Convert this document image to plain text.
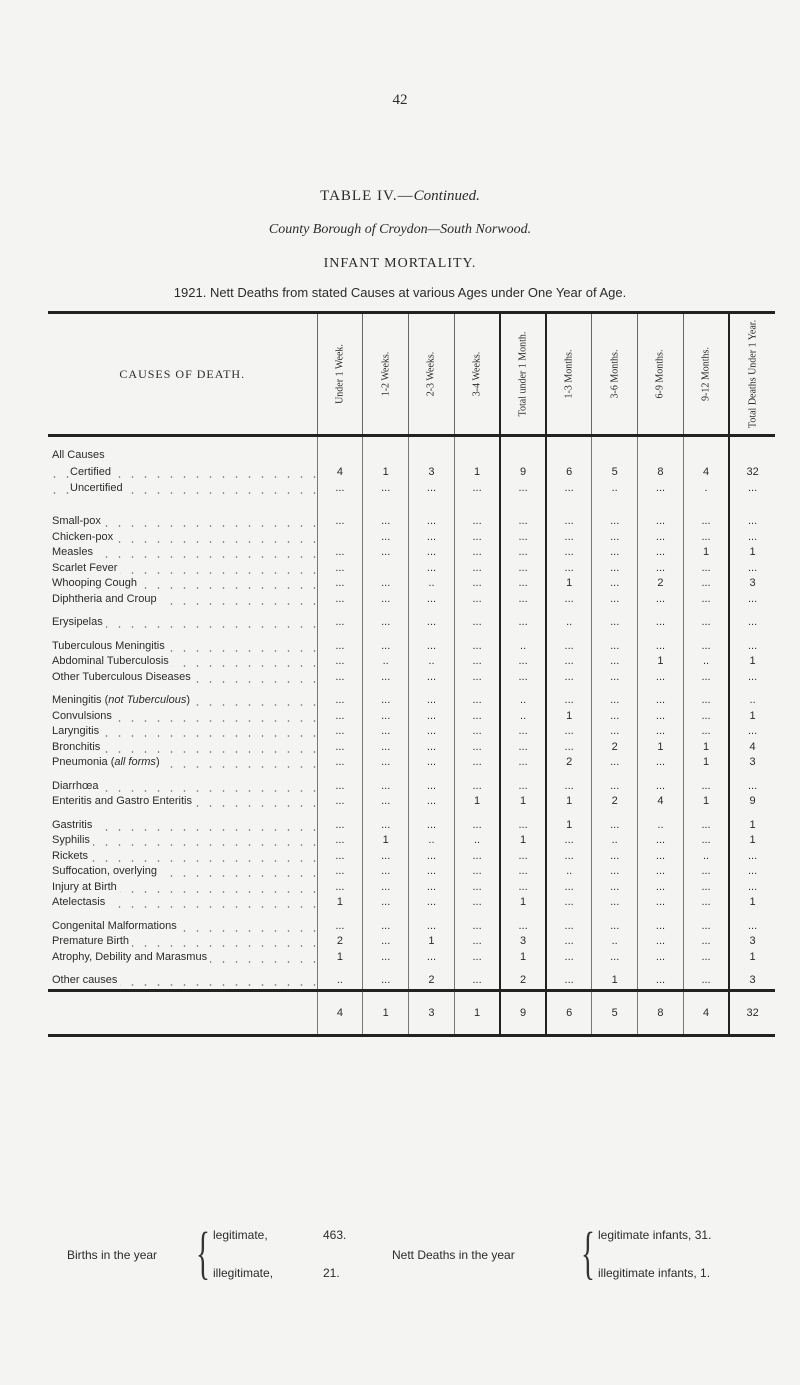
42
TABLE IV.—Continued.
County Borough of Croydon—South Norwood.
INFANT MORTALITY.
1921. Nett Deaths from stated Causes at various Ages under One Year of Age.
CAUSES OF DEATH.	Under 1 Week.	1-2 Weeks.	2-3 Weeks.	3-4 Weeks.	Total under 1 Month.	1-3 Months.	3-6 Months.	6-9 Months.	9-12 Months.	Total Deaths Under 1 Year.

All Causes										
Certified	4	1	3	1	9	6	5	8	4	32
Uncertified	...	...	...	...	...	...	..	...	.	...

Small-pox	...	...	...	...	...	...	...	...	...	...
Chicken-pox		...	...	...	...	...	...	...	...	...
Measles	...	...	...	...	...	...	...	...	1	1
Scarlet Fever	...		...	...	...	...	...	...	...	...
Whooping Cough	...	...	..	...	...	1	...	2	...	3
Diphtheria and Croup	...	...	...	...	...	...	...	...	...	...

Erysipelas	...	...	...	...	...	..	...	...	...	...

Tuberculous Meningitis	...	...	...	...	..	...	...	...	...	...
Abdominal Tuberculosis	...	..	..	...	...	...	...	1	..	1
Other Tuberculous Diseases	...	...	...	...	...	...	...	...	...	...

Meningitis (not Tuberculous)	...	...	...	...	..	...	...	...	...	..
Convulsions	...	...	...	...	..	1	...	...	...	1
Laryngitis	...	...	...	...	...	...	...	...	...	...
Bronchitis	...	...	...	...	...	...	2	1	1	4
Pneumonia (all forms)	...	...	...	...	...	2	...	...	1	3

Diarrhœa	...	...	...	...	...	...	...	...	...	...
Enteritis and Gastro Enteritis	...	...	...	1	1	1	2	4	1	9

Gastritis	...	...	...	...	...	1	...	..	...	1
Syphilis	...	1	..	..	1	...	..	...	...	1
Rickets	...	...	...	...	...	...	...	...	..	...
Suffocation, overlying	...	...	...	...	...	..	...	...	...	...
Injury at Birth	...	...	...	...	...	...	...	...	...	...
Atelectasis	1	...	...	...	1	...	...	...	...	1

Congenital Malformations	...	...	...	...	...	...	...	...	...	...
Premature Birth	2	...	1	...	3	...	..	...	...	3
Atrophy, Debility and Marasmus	1	...	...	...	1	...	...	...	...	1

Other causes	..	...	2	...	2	...	1	...	...	3
	4	1	3	1	9	6	5	8	4	32
Births in the year { legitimate,	463.
illegitimate,	21.
Nett Deaths in the year { legitimate infants, 31.
illegitimate infants, 1.
